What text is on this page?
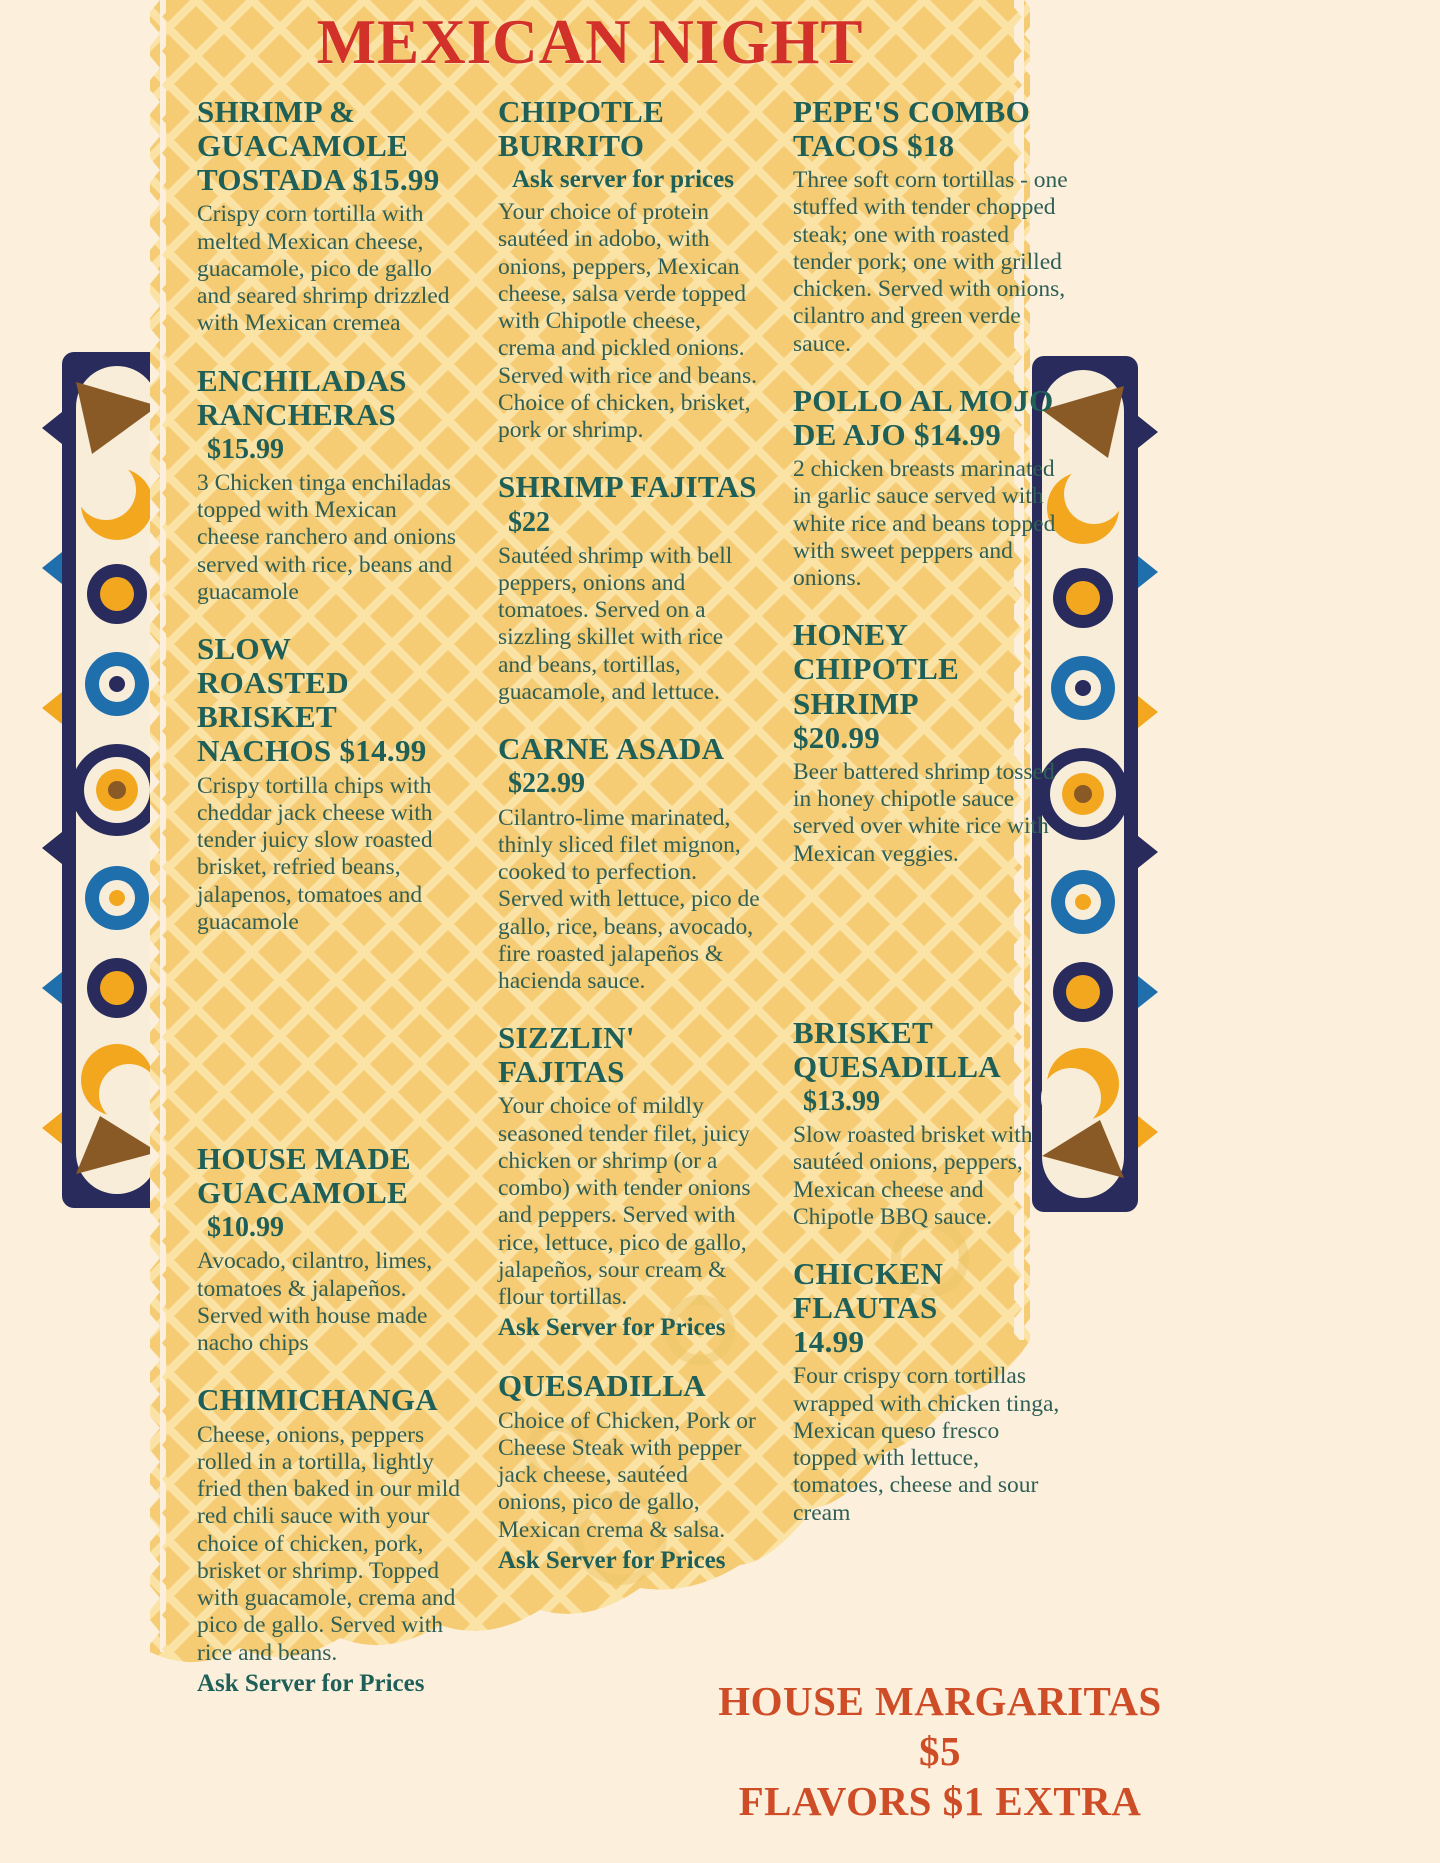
MEXICAN NIGHT
SHRIMP & GUACAMOLE TOSTADA $15.99

Crispy corn tortilla with melted Mexican cheese, guacamole, pico de gallo and seared shrimp drizzled with Mexican cremea

ENCHILADAS RANCHERAS
$15.99

3 Chicken tinga enchiladas topped with Mexican cheese ranchero and onions served with rice, beans and guacamole

SLOW ROASTED BRISKET NACHOS $14.99

Crispy tortilla chips with cheddar jack cheese with tender juicy slow roasted brisket, refried beans, jalapenos, tomatoes and guacamole

HOUSE MADE GUACAMOLE
$10.99

Avocado, cilantro, limes, tomatoes & jalapeños. Served with house made nacho chips

CHIMICHANGA

Cheese, onions, peppers rolled in a tortilla, lightly fried then baked in our mild red chili sauce with your choice of chicken, pork, brisket or shrimp. Topped with guacamole, crema and pico de gallo. Served with rice and beans.

Ask Server for Prices
CHIPOTLE BURRITO
Ask server for prices

Your choice of protein sautéed in adobo, with onions, peppers, Mexican cheese, salsa verde topped with Chipotle cheese, crema and pickled onions. Served with rice and beans. Choice of chicken, brisket, pork or shrimp.

SHRIMP FAJITAS
$22

Sautéed shrimp with bell peppers, onions and tomatoes. Served on a sizzling skillet with rice and beans, tortillas, guacamole, and lettuce.

CARNE ASADA
$22.99

Cilantro-lime marinated, thinly sliced filet mignon, cooked to perfection. Served with lettuce, pico de gallo, rice, beans, avocado, fire roasted jalapeños & hacienda sauce.

SIZZLIN' FAJITAS

Your choice of mildly seasoned tender filet, juicy chicken or shrimp (or a combo) with tender onions and peppers. Served with rice, lettuce, pico de gallo, jalapeños, sour cream & flour tortillas.

Ask Server for Prices
QUESADILLA

Choice of Chicken, Pork or Cheese Steak with pepper jack cheese, sautéed onions, pico de gallo, Mexican crema & salsa.

Ask Server for Prices
PEPE'S COMBO TACOS $18

Three soft corn tortillas - one stuffed with tender chopped steak; one with roasted tender pork; one with grilled chicken. Served with onions, cilantro and green verde sauce.

POLLO AL MOJO DE AJO $14.99

2 chicken breasts marinated in garlic sauce served with white rice and beans topped with sweet peppers and onions.

HONEY CHIPOTLE SHRIMP $20.99

Beer battered shrimp tossed in honey chipotle sauce served over white rice with Mexican veggies.

BRISKET QUESADILLA
$13.99

Slow roasted brisket with sautéed onions, peppers, Mexican cheese and Chipotle BBQ sauce.

CHICKEN FLAUTAS 14.99

Four crispy corn tortillas wrapped with chicken tinga, Mexican queso fresco topped with lettuce, tomatoes, cheese and sour cream

HOUSE MARGARITAS $5
FLAVORS $1 EXTRA
